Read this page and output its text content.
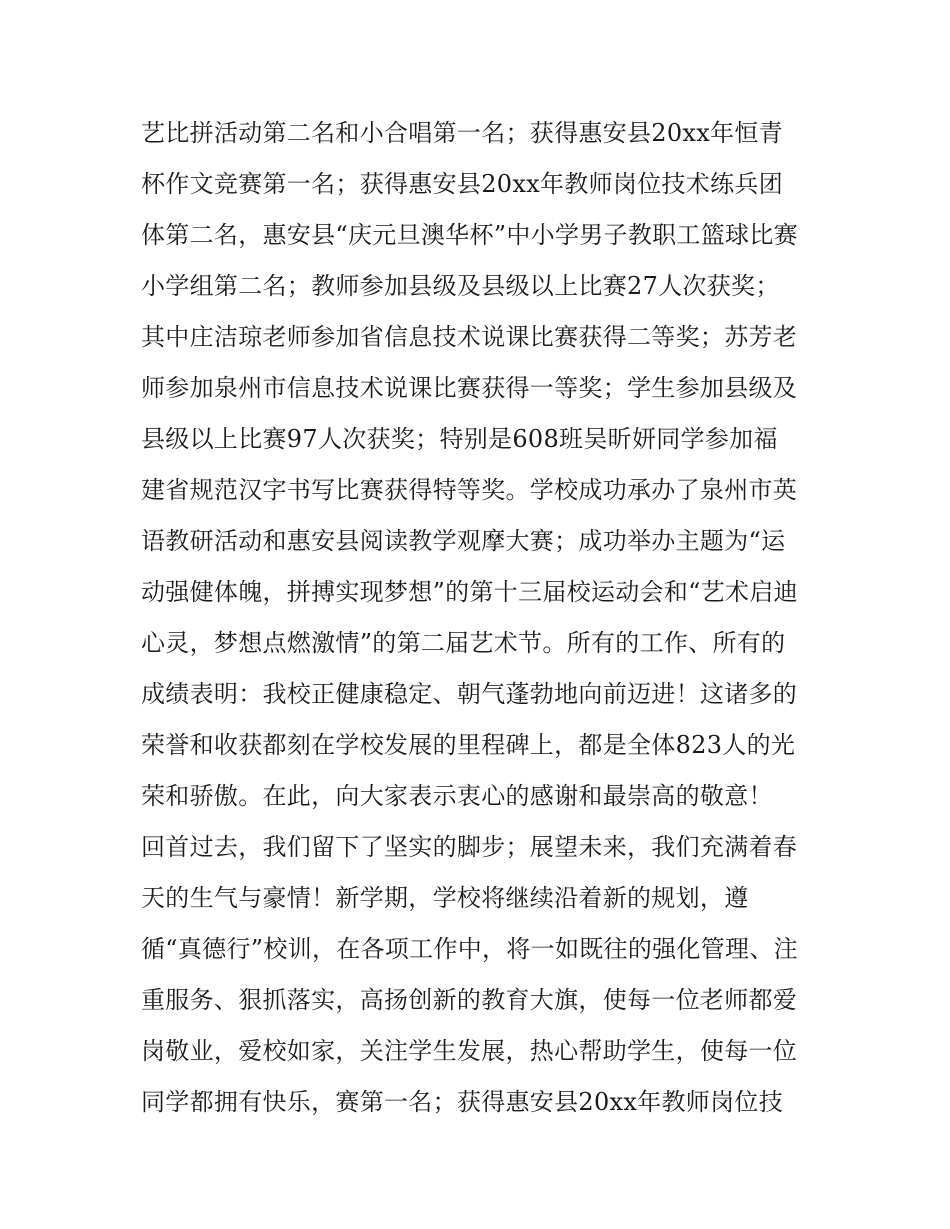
艺比拼活动第二名和小合唱第一名；获得惠安县20xx年恒青
杯作文竞赛第一名；获得惠安县20xx年教师岗位技术练兵团
体第二名，惠安县“庆元旦澳华杯”中小学男子教职工篮球比赛
小学组第二名；教师参加县级及县级以上比赛27人次获奖；
其中庄洁琼老师参加省信息技术说课比赛获得二等奖；苏芳老
师参加泉州市信息技术说课比赛获得一等奖；学生参加县级及
县级以上比赛97人次获奖；特别是608班吴昕妍同学参加福
建省规范汉字书写比赛获得特等奖。学校成功承办了泉州市英
语教研活动和惠安县阅读教学观摩大赛；成功举办主题为“运
动强健体魄，拼搏实现梦想”的第十三届校运动会和“艺术启迪
心灵，梦想点燃激情”的第二届艺术节。所有的工作、所有的
成绩表明：我校正健康稳定、朝气蓬勃地向前迈进！这诸多的
荣誉和收获都刻在学校发展的里程碑上，都是全体823人的光
荣和骄傲。在此，向大家表示衷心的感谢和最崇高的敬意！
回首过去，我们留下了坚实的脚步；展望未来，我们充满着春
天的生气与豪情！新学期，学校将继续沿着新的规划，遵
循“真德行”校训，在各项工作中，将一如既往的强化管理、注
重服务、狠抓落实，高扬创新的教育大旗，使每一位老师都爱
岗敬业，爱校如家，关注学生发展，热心帮助学生，使每一位
同学都拥有快乐，赛第一名；获得惠安县20xx年教师岗位技
